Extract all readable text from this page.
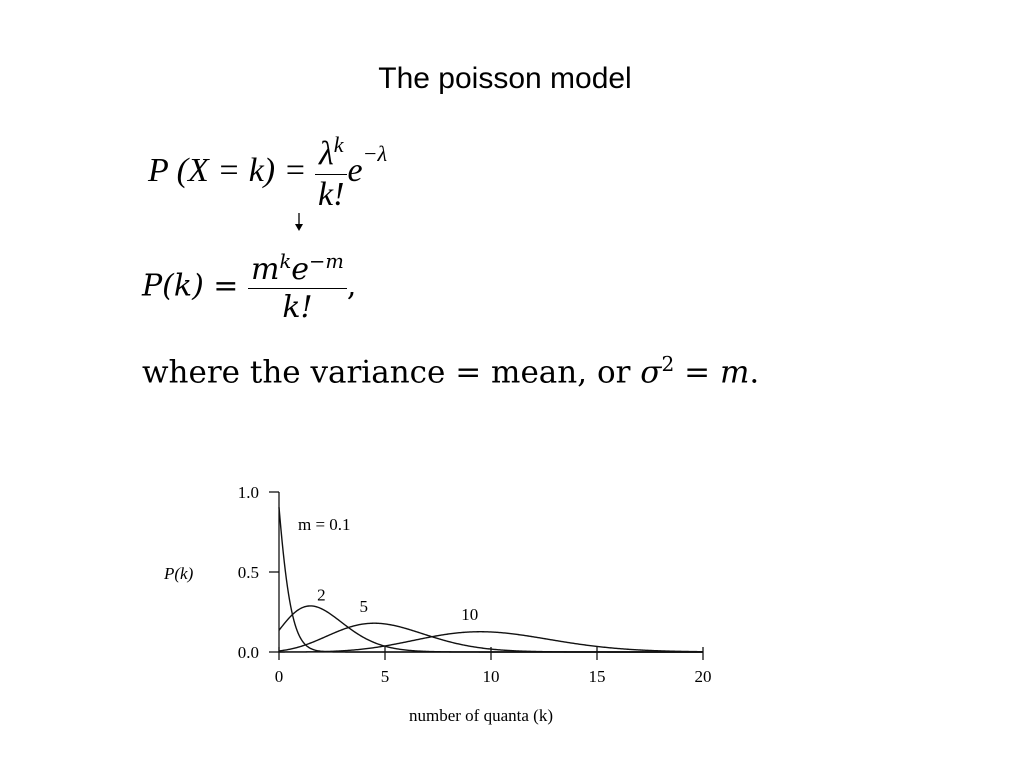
The poisson model
P $(X = k) = \frac{\lambda^k}{k!} e^{-\lambda}$
$P(k) = \frac{m^ke^{-m}}{k!}$ ,
where the variance = mean, or $\sigma^2 = m$.
0.0
0.5
1.0
0	5	10	15	20
P(k)
number of quanta (k)
m = 0.1
2
5	10
